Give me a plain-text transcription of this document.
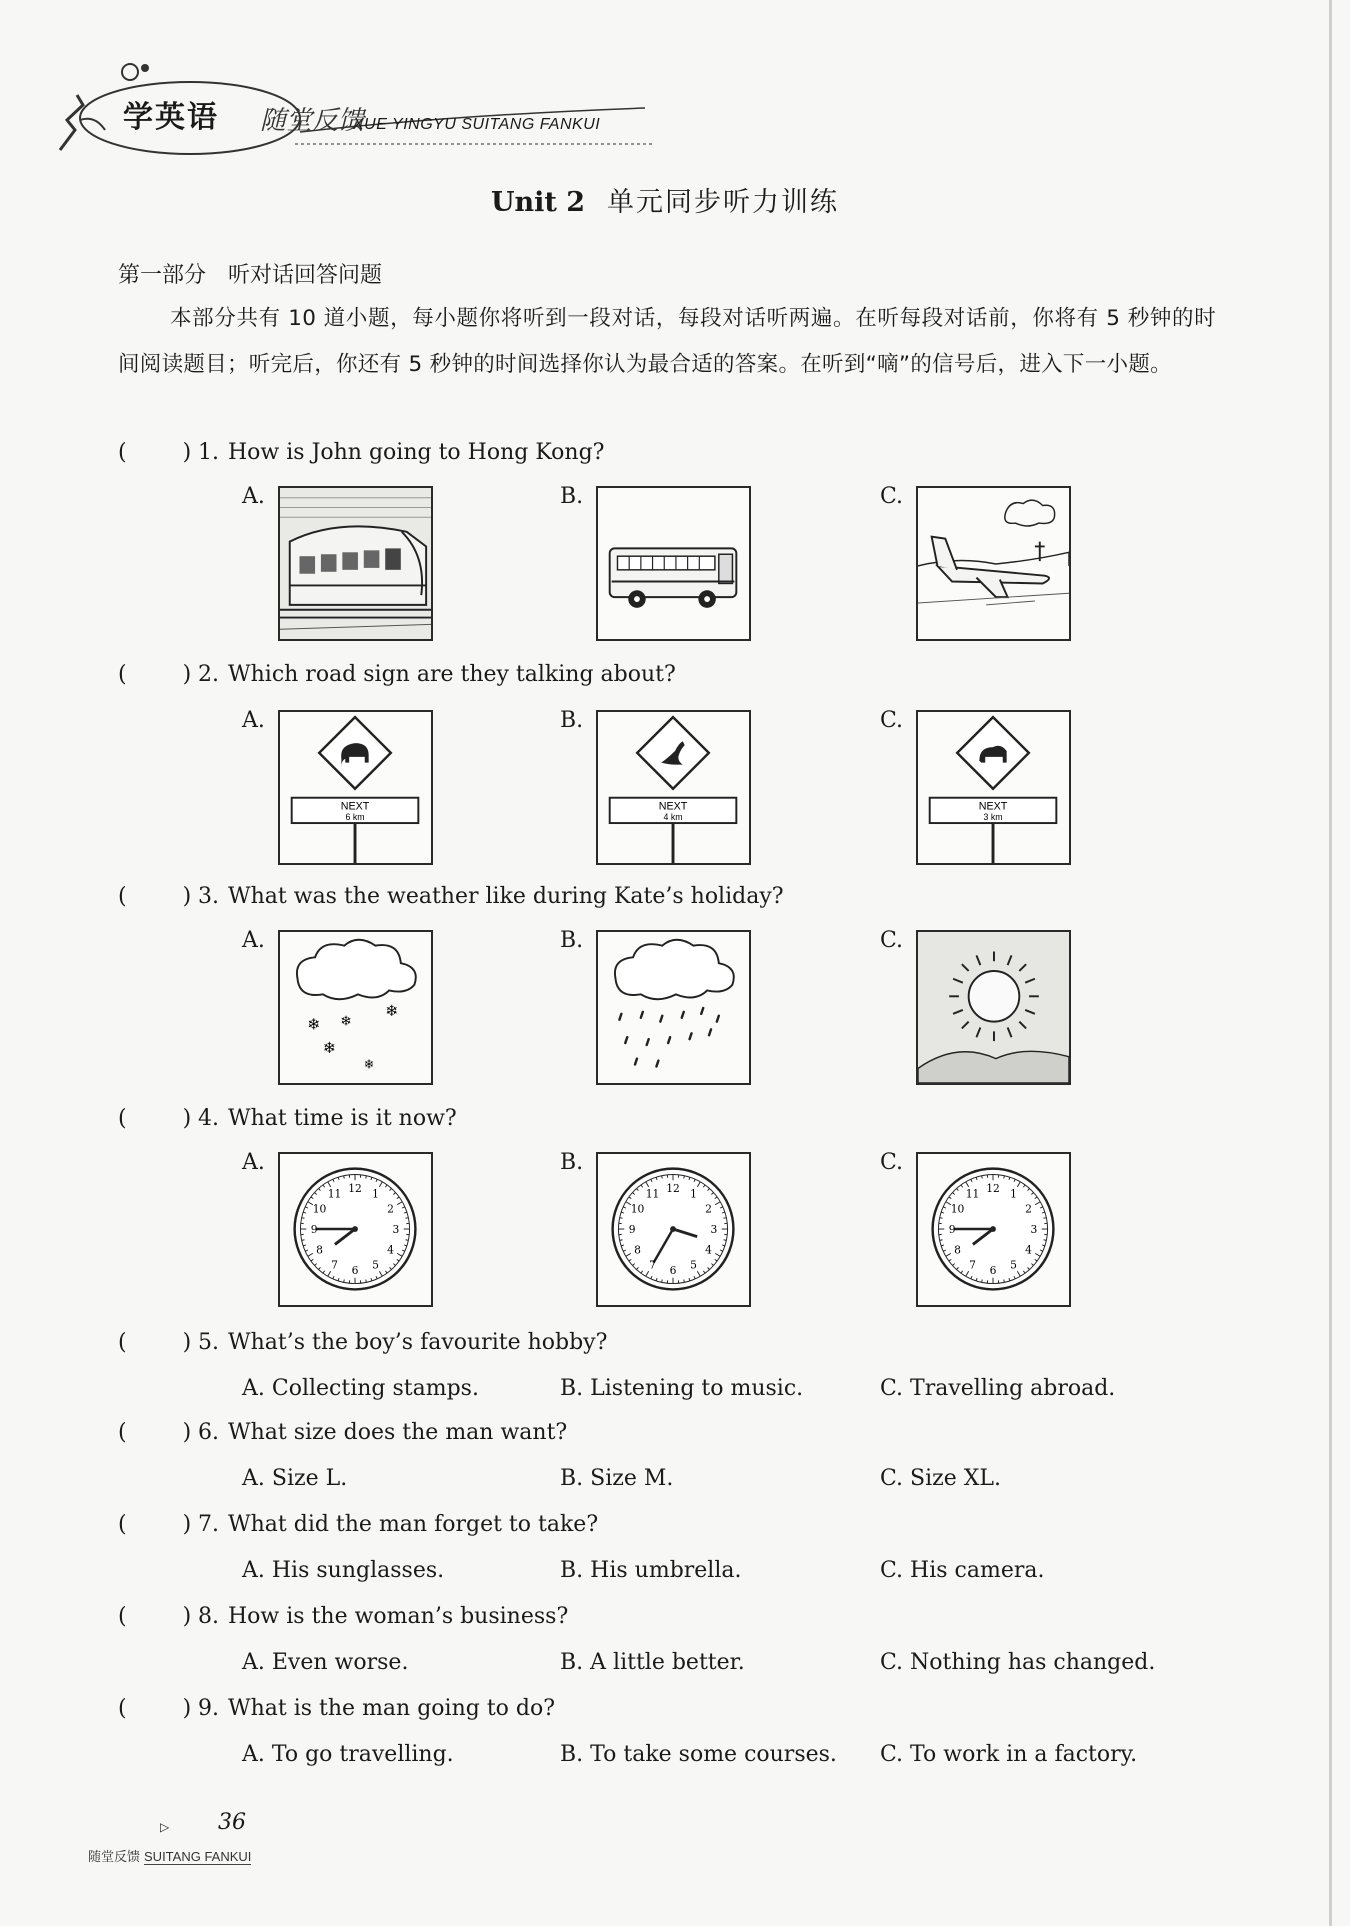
学英语 随堂反馈
XUE YINGYU SUITANG FANKUI
Unit 2 单元同步听力训练
第一部分 听对话回答问题
本部分共有 10 道小题，每小题你将听到一段对话，每段对话听两遍。在听每段对话前，你将有 5 秒钟的时间阅读题目；听完后，你还有 5 秒钟的时间选择你认为最合适的答案。在听到“嘀”的信号后，进入下一小题。
(	) 1. How is John going to Hong Kong?
A.	B.	C.
(	) 2. Which road sign are they talking about?
A.
NEXT
6 km
B.
NEXT
4 km
C.
NEXT
3 km
(	) 3. What was the weather like during Kate’s holiday?
A.
❄ ❄
❄
❄
❄
B.	C.
(	) 4. What time is it now?
A.
12 1
2
3
4
5
6
7
8
9
10
11
B.
12 1
2
3
4
5
6
7
8
9
10
11
C.
12 1
2
3
4
5
6
7
8
9
10
11
(	) 5. What’s the boy’s favourite hobby?
A. Collecting stamps.	B. Listening to music.	C. Travelling abroad.
(	) 6. What size does the man want?
A. Size L.	B. Size M.	C. Size XL.
(	) 7. What did the man forget to take?
A. His sunglasses.	B. His umbrella.	C. His camera.
(	) 8. How is the woman’s business?
A. Even worse.	B. A little better.	C. Nothing has changed.
(	) 9. What is the man going to do?
A. To go travelling.	B. To take some courses. C. To work in a factory.
▷ 36
随堂反馈 SUITANG FANKUI
